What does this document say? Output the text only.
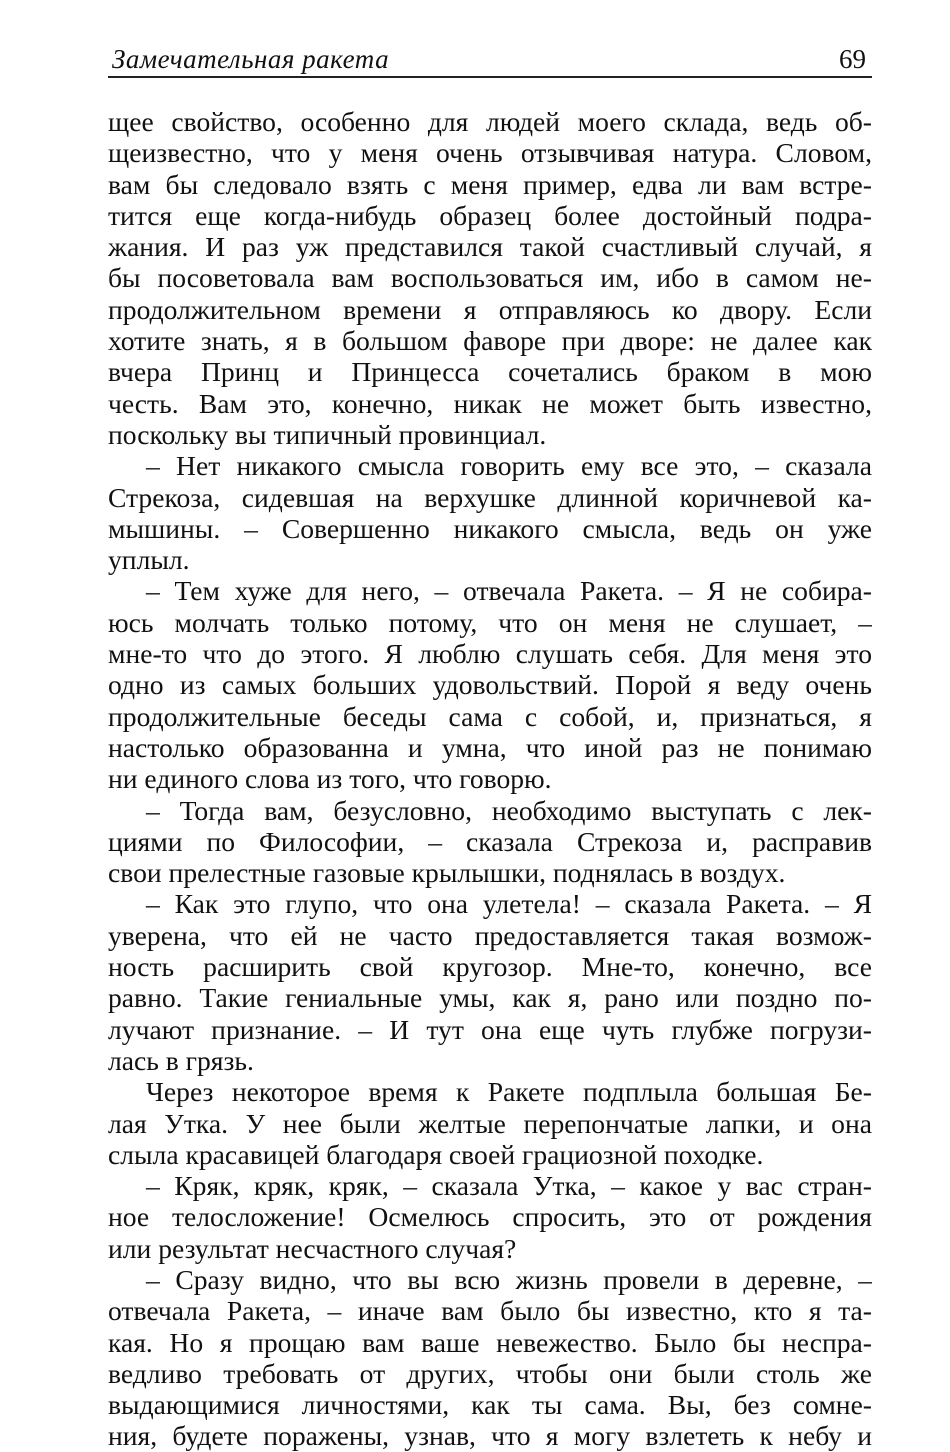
Замечательная ракета	69
щее свойство, особенно для людей моего склада, ведь об-
щеизвестно, что у меня очень отзывчивая натура. Словом,
вам бы следовало взять с меня пример, едва ли вам встре-
тится еще когда-нибудь образец более достойный подра-
жания. И раз уж представился такой счастливый случай, я
бы посоветовала вам воспользоваться им, ибо в самом не-
продолжительном времени я отправляюсь ко двору. Если
хотите знать, я в большом фаворе при дворе: не далее как
вчера Принц и Принцесса сочетались браком в мою
честь. Вам это, конечно, никак не может быть известно,
поскольку вы типичный провинциал.
– Нет никакого смысла говорить ему все это, – сказала
Стрекоза, сидевшая на верхушке длинной коричневой ка-
мышины. – Совершенно никакого смысла, ведь он уже
уплыл.
– Тем хуже для него, – отвечала Ракета. – Я не собира-
юсь молчать только потому, что он меня не слушает, –
мне-то что до этого. Я люблю слушать себя. Для меня это
одно из самых больших удовольствий. Порой я веду очень
продолжительные беседы сама с собой, и, признаться, я
настолько образованна и умна, что иной раз не понимаю
ни единого слова из того, что говорю.
– Тогда вам, безусловно, необходимо выступать с лек-
циями по Философии, – сказала Стрекоза и, расправив
свои прелестные газовые крылышки, поднялась в воздух.
– Как это глупо, что она улетела! – сказала Ракета. – Я
уверена, что ей не часто предоставляется такая возмож-
ность расширить свой кругозор. Мне-то, конечно, все
равно. Такие гениальные умы, как я, рано или поздно по-
лучают признание. – И тут она еще чуть глубже погрузи-
лась в грязь.
Через некоторое время к Ракете подплыла большая Бе-
лая Утка. У нее были желтые перепончатые лапки, и она
слыла красавицей благодаря своей грациозной походке.
– Кряк, кряк, кряк, – сказала Утка, – какое у вас стран-
ное телосложение! Осмелюсь спросить, это от рождения
или результат несчастного случая?
– Сразу видно, что вы всю жизнь провели в деревне, –
отвечала Ракета, – иначе вам было бы известно, кто я та-
кая. Но я прощаю вам ваше невежество. Было бы неспра-
ведливо требовать от других, чтобы они были столь же
выдающимися личностями, как ты сама. Вы, без сомне-
ния, будете поражены, узнав, что я могу взлететь к небу и
